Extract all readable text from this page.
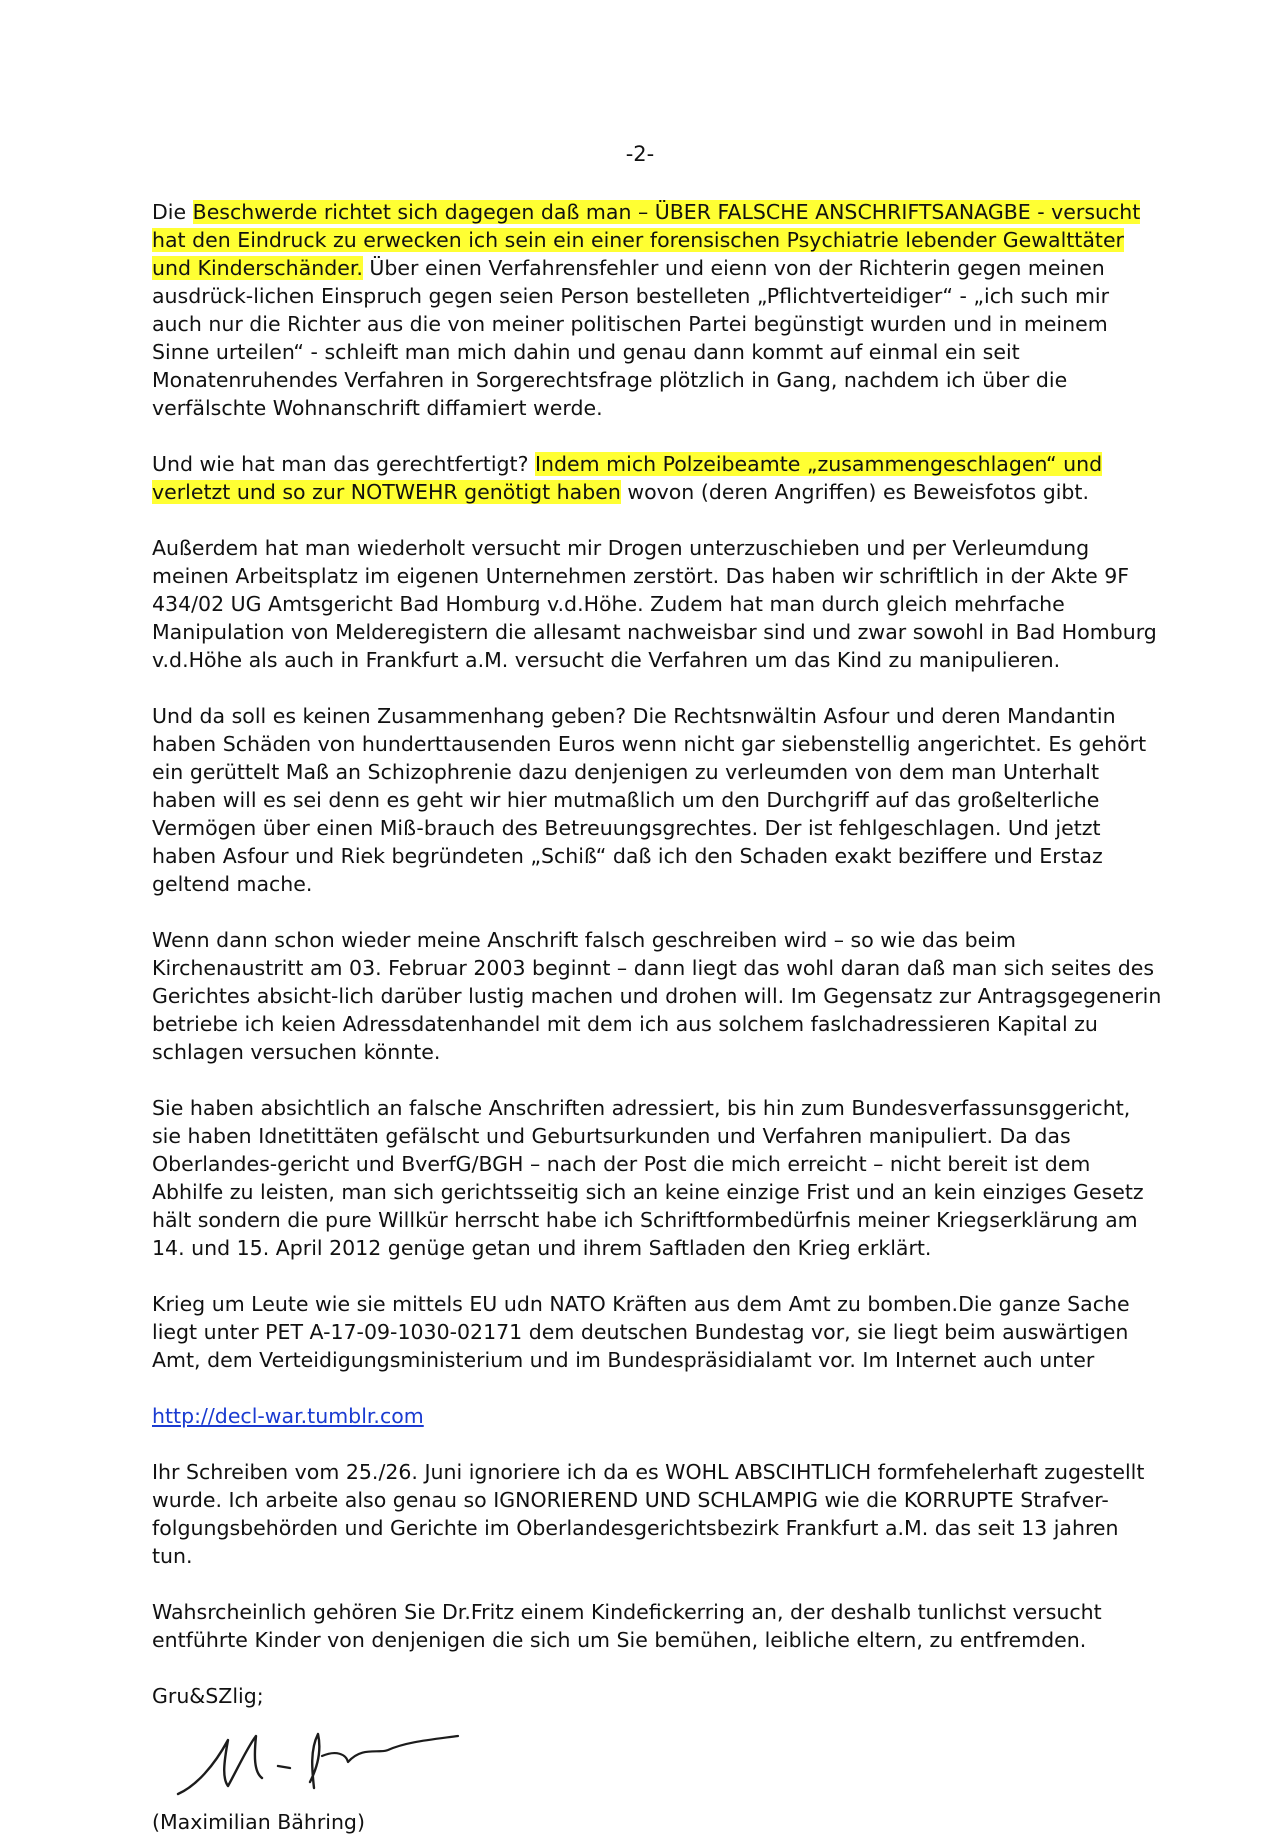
-2-

Die Beschwerde richtet sich dagegen daß man – ÜBER FALSCHE ANSCHRIFTSANAGBE - versucht hat den Eindruck zu erwecken ich sein ein einer forensischen Psychiatrie lebender Gewalttäter und Kinderschänder. Über einen Verfahrensfehler und eienn von der Richterin gegen meinen ausdrück-lichen Einspruch gegen seien Person bestelleten „Pflichtverteidiger“ - „ich such mir auch nur die Richter aus die von meiner politischen Partei begünstigt wurden und in meinem Sinne urteilen“ - schleift man mich dahin und genau dann kommt auf einmal ein seit Monatenruhendes Verfahren in Sorgerechtsfrage plötzlich in Gang, nachdem ich über die verfälschte Wohnanschrift diffamiert werde.

Und wie hat man das gerechtfertigt? Indem mich Polzeibeamte „zusammengeschlagen“ und verletzt und so zur NOTWEHR genötigt haben wovon (deren Angriffen) es Beweisfotos gibt.

Außerdem hat man wiederholt versucht mir Drogen unterzuschieben und per Verleumdung meinen Arbeitsplatz im eigenen Unternehmen zerstört. Das haben wir schriftlich in der Akte 9F 434/02 UG Amtsgericht Bad Homburg v.d.Höhe. Zudem hat man durch gleich mehrfache Manipulation von Melderegistern die allesamt nachweisbar sind und zwar sowohl in Bad Homburg v.d.Höhe als auch in Frankfurt a.M. versucht die Verfahren um das Kind zu manipulieren.

Und da soll es keinen Zusammenhang geben? Die Rechtsnwältin Asfour und deren Mandantin haben Schäden von hunderttausenden Euros wenn nicht gar siebenstellig angerichtet. Es gehört ein gerüttelt Maß an Schizophrenie dazu denjenigen zu verleumden von dem man Unterhalt haben will es sei denn es geht wir hier mutmaßlich um den Durchgriff auf das großelterliche Vermögen über einen Miß-brauch des Betreuungsgrechtes. Der ist fehlgeschlagen. Und jetzt haben Asfour und Riek begründeten „Schiß“ daß ich den Schaden exakt beziffere und Erstaz geltend mache.

Wenn dann schon wieder meine Anschrift falsch geschreiben wird – so wie das beim Kirchenaustritt am 03. Februar 2003 beginnt – dann liegt das wohl daran daß man sich seites des Gerichtes absicht-lich darüber lustig machen und drohen will. Im Gegensatz zur Antragsgegenerin betriebe ich keien Adressdatenhandel mit dem ich aus solchem faslchadressieren Kapital zu schlagen versuchen könnte.

Sie haben absichtlich an falsche Anschriften adressiert, bis hin zum Bundesverfassunsggericht, sie haben Idnetittäten gefälscht und Geburtsurkunden und Verfahren manipuliert. Da das Oberlandes-gericht und BverfG/BGH – nach der Post die mich erreicht – nicht bereit ist dem Abhilfe zu leisten, man sich gerichtsseitig sich an keine einzige Frist und an kein einziges Gesetz hält sondern die pure Willkür herrscht habe ich Schriftformbedürfnis meiner Kriegserklärung am 14. und 15. April 2012 genüge getan und ihrem Saftladen den Krieg erklärt.

Krieg um Leute wie sie mittels EU udn NATO Kräften aus dem Amt zu bomben.Die ganze Sache liegt unter PET A-17-09-1030-02171 dem deutschen Bundestag vor, sie liegt beim auswärtigen Amt, dem Verteidigungsministerium und im Bundespräsidialamt vor. Im Internet auch unter

http://decl-war.tumblr.com

Ihr Schreiben vom 25./26. Juni ignoriere ich da es WOHL ABSCIHTLICH formfehelerhaft zugestellt wurde. Ich arbeite also genau so IGNORIEREND UND SCHLAMPIG wie die KORRUPTE Strafver-folgungsbehörden und Gerichte im Oberlandesgerichtsbezirk Frankfurt a.M. das seit 13 jahren tun.

Wahsrcheinlich gehören Sie Dr.Fritz einem Kindefickerring an, der deshalb tunlichst versucht entführte Kinder von denjenigen die sich um Sie bemühen, leibliche eltern, zu entfremden.

Gru&SZlig;

(Maximilian Bähring)
